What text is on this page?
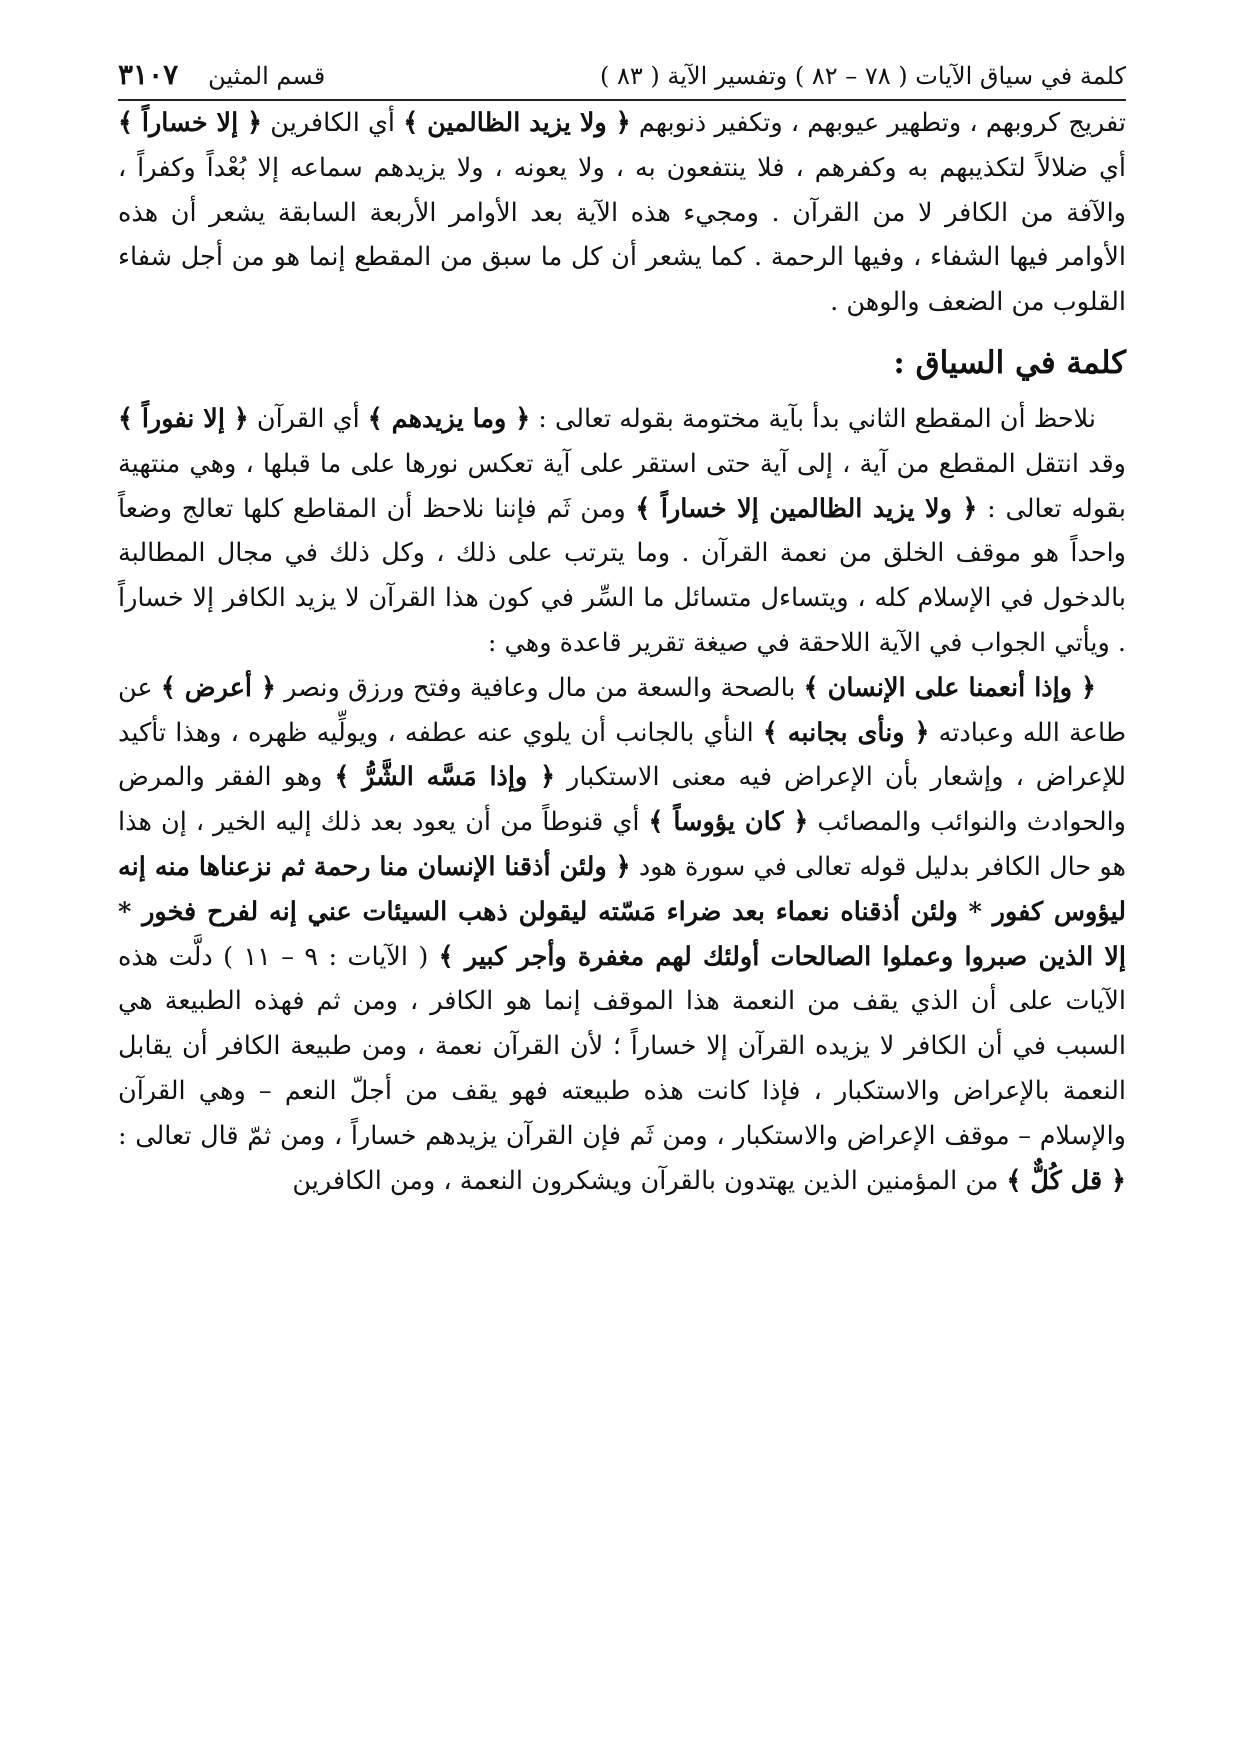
كلمة في سياق الآيات ( ٧٨ – ٨٢ ) وتفسير الآية ( ٨٣ )
قسم المثين
٣١٠٧

تفريج كروبهم ، وتطهير عيوبهم ، وتكفير ذنوبهم ﴿ ولا يزيد الظالمين ﴾ أي الكافرين ﴿ إلا خساراً ﴾ أي ضلالاً لتكذيبهم به وكفرهم ، فلا ينتفعون به ، ولا يعونه ، ولا يزيدهم سماعه إلا بُعْداً وكفراً ، والآفة من الكافر لا من القرآن . ومجيء هذه الآية بعد الأوامر الأربعة السابقة يشعر أن هذه الأوامر فيها الشفاء ، وفيها الرحمة . كما يشعر أن كل ما سبق من المقطع إنما هو من أجل شفاء القلوب من الضعف والوهن .

كلمة في السياق :

نلاحظ أن المقطع الثاني بدأ بآية مختومة بقوله تعالى : ﴿ وما يزيدهم ﴾ أي القرآن ﴿ إلا نفوراً ﴾ وقد انتقل المقطع من آية ، إلى آية حتى استقر على آية تعكس نورها على ما قبلها ، وهي منتهية بقوله تعالى : ﴿ ولا يزيد الظالمين إلا خساراً ﴾ ومن ثَم فإننا نلاحظ أن المقاطع كلها تعالج وضعاً واحداً هو موقف الخلق من نعمة القرآن . وما يترتب على ذلك ، وكل ذلك في مجال المطالبة بالدخول في الإسلام كله ، ويتساءل متسائل ما السِّر في كون هذا القرآن لا يزيد الكافر إلا خساراً . ويأتي الجواب في الآية اللاحقة في صيغة تقرير قاعدة وهي :

﴿ وإذا أنعمنا على الإنسان ﴾ بالصحة والسعة من مال وعافية وفتح ورزق ونصر ﴿ أعرض ﴾ عن طاعة الله وعبادته ﴿ ونأى بجانبه ﴾ النأي بالجانب أن يلوي عنه عطفه ، ويولِّيه ظهره ، وهذا تأكيد للإعراض ، وإشعار بأن الإعراض فيه معنى الاستكبار ﴿ وإذا مَسَّه الشَّرُّ ﴾ وهو الفقر والمرض والحوادث والنوائب والمصائب ﴿ كان يؤوساً ﴾ أي قنوطاً من أن يعود بعد ذلك إليه الخير ، إن هذا هو حال الكافر بدليل قوله تعالى في سورة هود ﴿ ولئن أذقنا الإنسان منا رحمة ثم نزعناها منه إنه ليؤوس كفور * ولئن أذقناه نعماء بعد ضراء مَسّته ليقولن ذهب السيئات عني إنه لفرح فخور * إلا الذين صبروا وعملوا الصالحات أولئك لهم مغفرة وأجر كبير ﴾ ( الآيات : ٩ – ١١ ) دلَّت هذه الآيات على أن الذي يقف من النعمة هذا الموقف إنما هو الكافر ، ومن ثم فهذه الطبيعة هي السبب في أن الكافر لا يزيده القرآن إلا خساراً ؛ لأن القرآن نعمة ، ومن طبيعة الكافر أن يقابل النعمة بالإعراض والاستكبار ، فإذا كانت هذه طبيعته فهو يقف من أجلّ النعم – وهي القرآن والإسلام – موقف الإعراض والاستكبار ، ومن ثَم فإن القرآن يزيدهم خساراً ، ومن ثمّ قال تعالى : ﴿ قل كُلٌّ ﴾ من المؤمنين الذين يهتدون بالقرآن ويشكرون النعمة ، ومن الكافرين
